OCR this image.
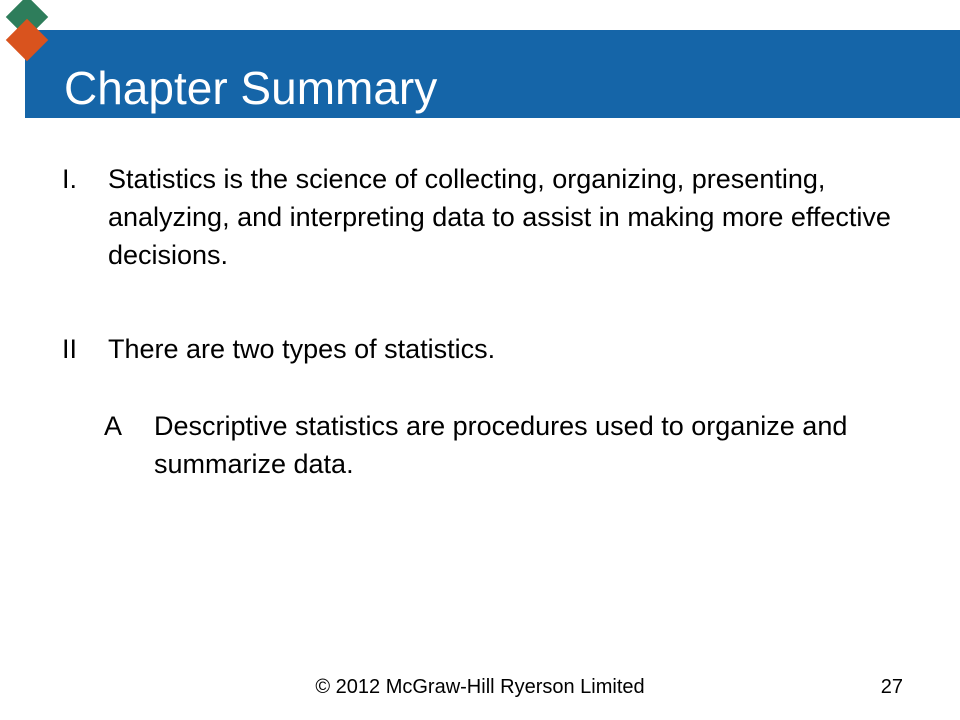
Chapter Summary
I.	Statistics is the science of collecting, organizing, presenting, analyzing, and interpreting data to assist in making more effective decisions.

II	There are two types of statistics.

A	Descriptive statistics are procedures used to organize and summarize data.

© 2012 McGraw-Hill Ryerson Limited	27
